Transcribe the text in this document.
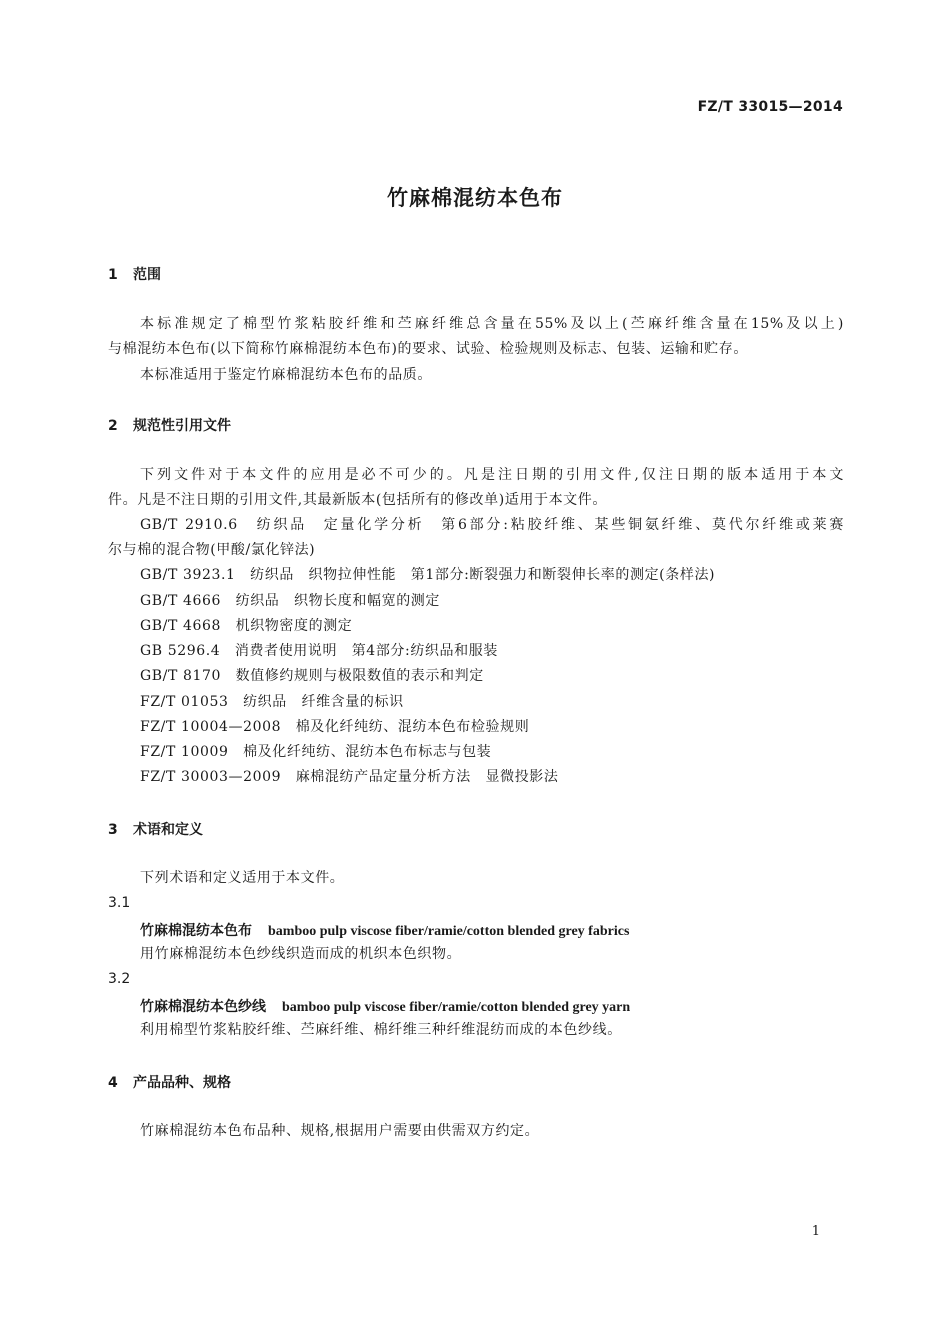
FZ/T 33015—2014
竹麻棉混纺本色布
1 范围
本标准规定了棉型竹浆粘胶纤维和苎麻纤维总含量在55%及以上(苎麻纤维含量在15%及以上)
与棉混纺本色布(以下简称竹麻棉混纺本色布)的要求、试验、检验规则及标志、包装、运输和贮存。
本标准适用于鉴定竹麻棉混纺本色布的品质。
2 规范性引用文件
下列文件对于本文件的应用是必不可少的。凡是注日期的引用文件,仅注日期的版本适用于本文
件。凡是不注日期的引用文件,其最新版本(包括所有的修改单)适用于本文件。
GB/T 2910.6　纺织品　定量化学分析　第6部分:粘胶纤维、某些铜氨纤维、莫代尔纤维或莱赛
尔与棉的混合物(甲酸/氯化锌法)
GB/T 3923.1　纺织品　织物拉伸性能　第1部分:断裂强力和断裂伸长率的测定(条样法)
GB/T 4666　纺织品　织物长度和幅宽的测定
GB/T 4668　机织物密度的测定
GB 5296.4　消费者使用说明　第4部分:纺织品和服装
GB/T 8170　数值修约规则与极限数值的表示和判定
FZ/T 01053　纺织品　纤维含量的标识
FZ/T 10004—2008　棉及化纤纯纺、混纺本色布检验规则
FZ/T 10009　棉及化纤纯纺、混纺本色布标志与包装
FZ/T 30003—2009　麻棉混纺产品定量分析方法　显微投影法
3 术语和定义
下列术语和定义适用于本文件。
3.1
竹麻棉混纺本色布 bamboo pulp viscose fiber/ramie/cotton blended grey fabrics
用竹麻棉混纺本色纱线织造而成的机织本色织物。
3.2
竹麻棉混纺本色纱线 bamboo pulp viscose fiber/ramie/cotton blended grey yarn
利用棉型竹浆粘胶纤维、苎麻纤维、棉纤维三种纤维混纺而成的本色纱线。
4 产品品种、规格
竹麻棉混纺本色布品种、规格,根据用户需要由供需双方约定。
1
